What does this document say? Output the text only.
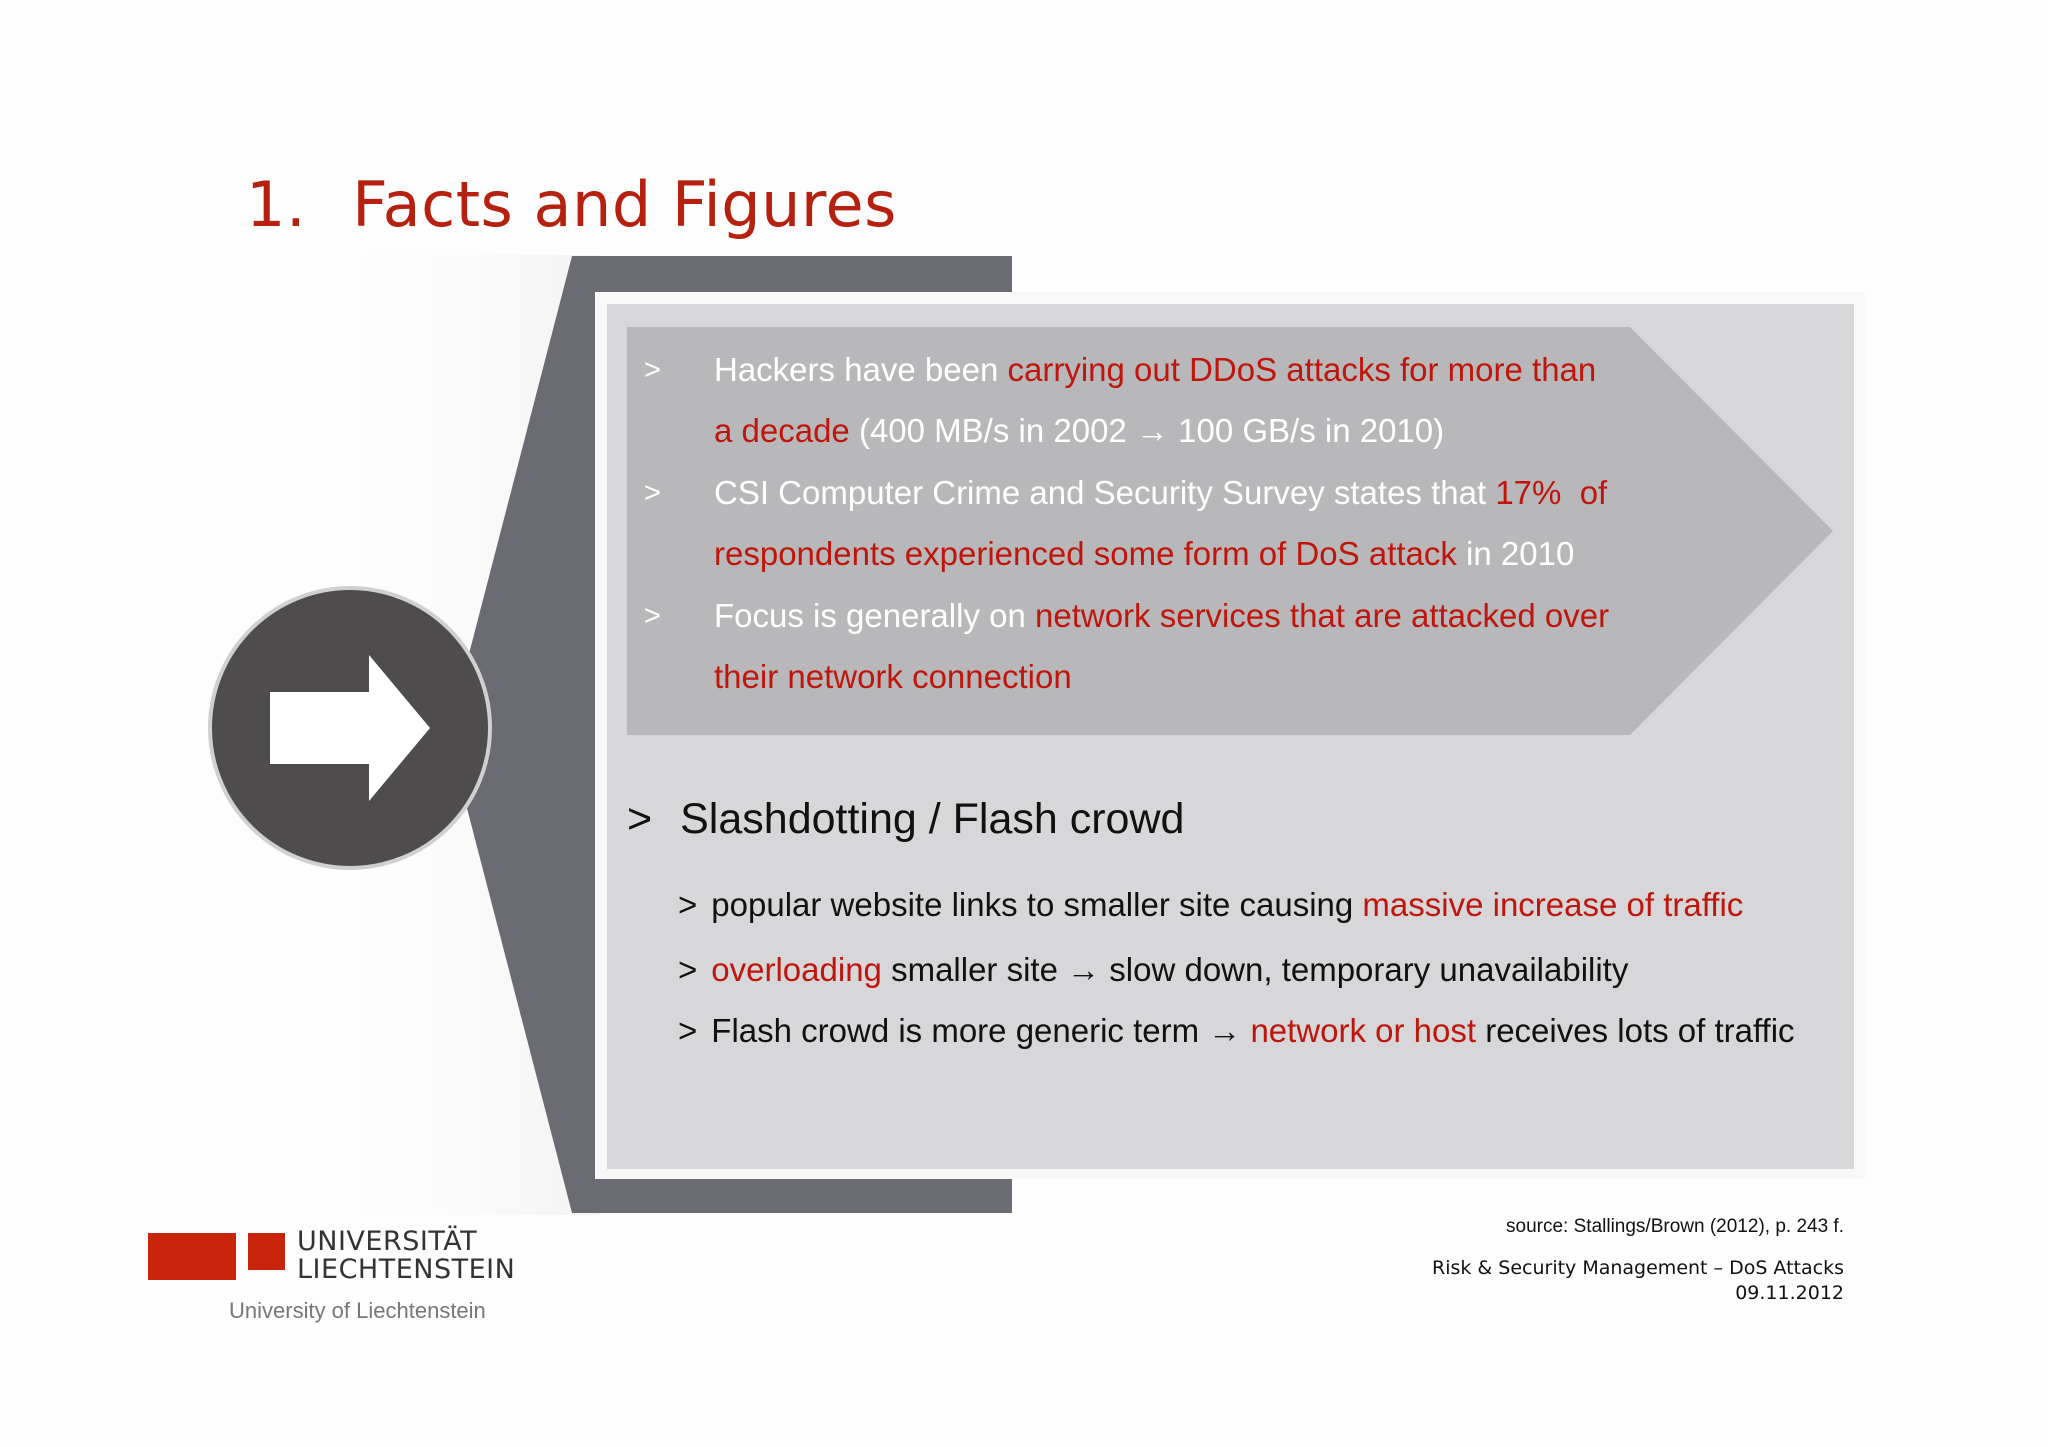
1. Facts and Figures
> Hackers have been carrying out DDoS attacks for more than
a decade (400 MB/s in 2002 → 100 GB/s in 2010)
> CSI Computer Crime and Security Survey states that 17%  of
respondents experienced some form of DoS attack in 2010
> Focus is generally on network services that are attacked over
their network connection
> Slashdotting / Flash crowd
> popular website links to smaller site causing massive increase of traffic
> overloading smaller site → slow down, temporary unavailability
> Flash crowd is more generic term → network or host receives lots of traffic
source: Stallings/Brown (2012), p. 243 f.
Risk & Security Management – DoS Attacks
09.11.2012
UNIVERSITÄT
LIECHTENSTEIN
University of Liechtenstein
